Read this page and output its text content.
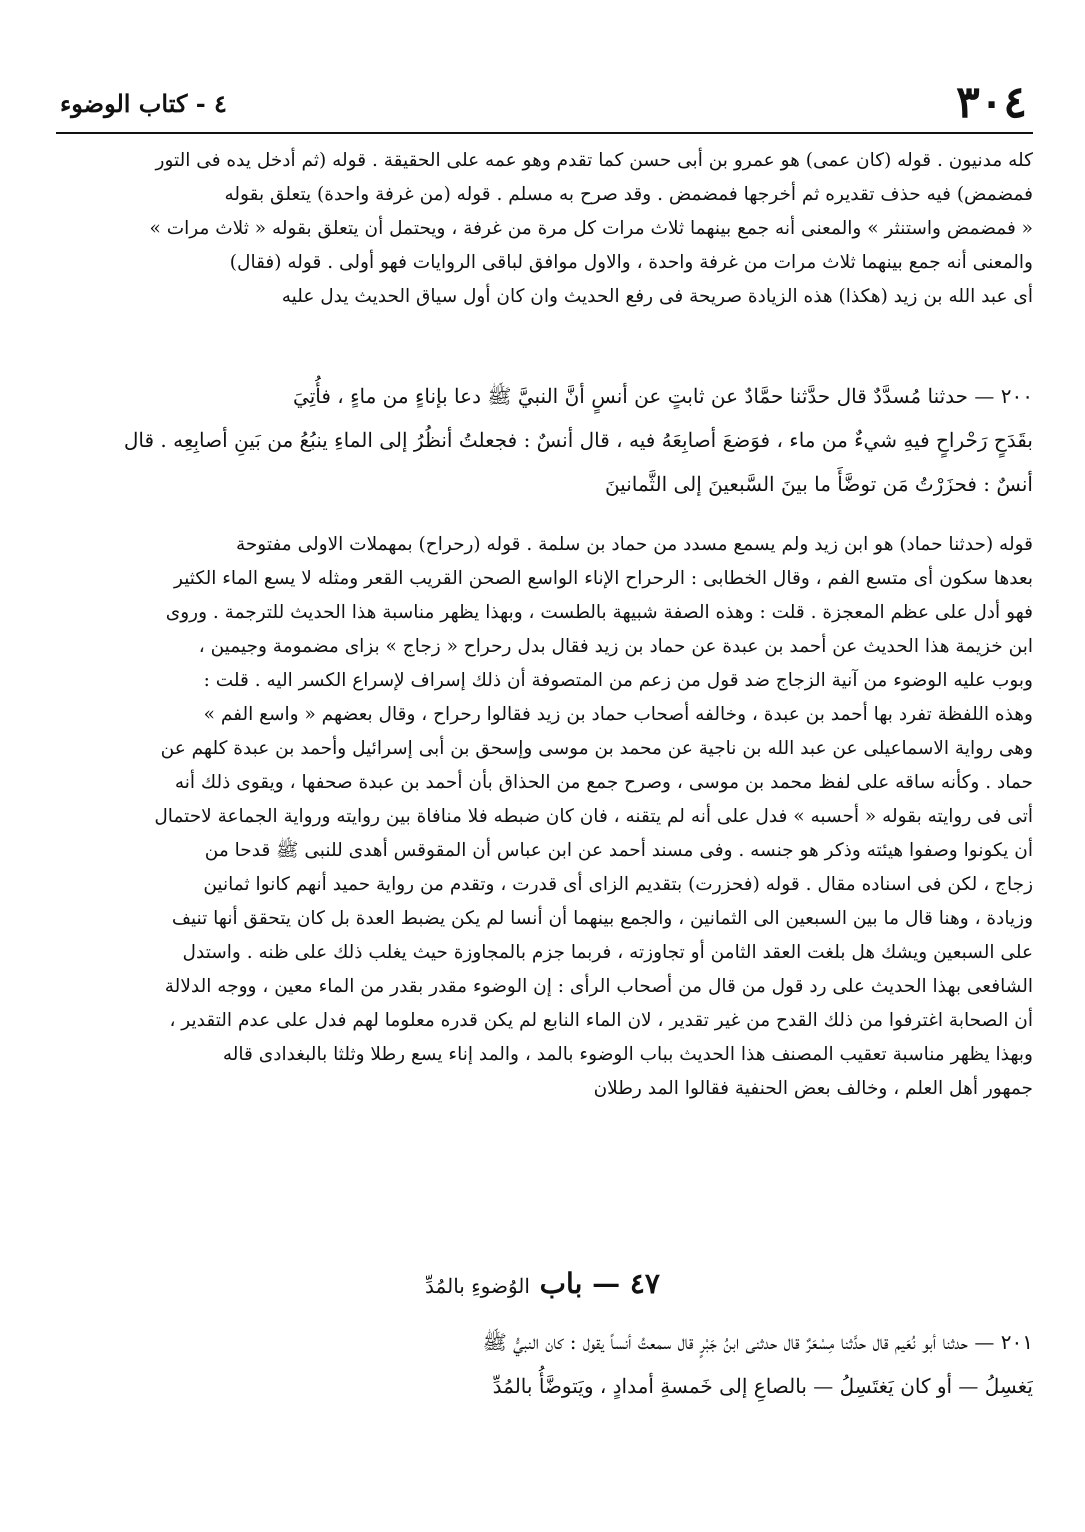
٣٠٤
٤ - كتاب الوضوء
كله مدنيون . قوله (كان عمى) هو عمرو بن أبى حسن كما تقدم وهو عمه على الحقيقة . قوله (ثم أدخل يده فى التور
فمضمض) فيه حذف تقديره ثم أخرجها فمضمض . وقد صرح به مسلم . قوله (من غرفة واحدة) يتعلق بقوله
« فمضمض واستنثر » والمعنى أنه جمع بينهما ثلاث مرات كل مرة من غرفة ، ويحتمل أن يتعلق بقوله « ثلاث مرات »
والمعنى أنه جمع بينهما ثلاث مرات من غرفة واحدة ، والاول موافق لباقى الروايات فهو أولى . قوله (فقال)
أى عبد الله بن زيد (هكذا) هذه الزيادة صريحة فى رفع الحديث وان كان أول سياق الحديث يدل عليه
٢٠٠ — حدثنا مُسدَّدٌ قال حدَّثنا حمَّادٌ عن ثابتٍ عن أنسٍ أنَّ النبيَّ ﷺ دعا بإناءٍ من ماءٍ ، فأُتِيَ
بقَدَحٍ رَحْراحٍ فيهِ شيءٌ من ماء ، فوَضعَ أصابِعَهُ فيه ، قال أنسٌ : فجعلتُ أنظُرُ إلى الماءِ ينبُعُ من بَينِ أصابِعِه . قال
أنسٌ : فحزَرْتُ مَن توضَّأَ ما بينَ السَّبعينَ إلى الثَّمانينَ
قوله (حدثنا حماد) هو ابن زيد ولم يسمع مسدد من حماد بن سلمة . قوله (رحراح) بمهملات الاولى مفتوحة
بعدها سكون أى متسع الفم ، وقال الخطابى : الرحراح الإناء الواسع الصحن القريب القعر ومثله لا يسع الماء الكثير
فهو أدل على عظم المعجزة . قلت : وهذه الصفة شبيهة بالطست ، وبهذا يظهر مناسبة هذا الحديث للترجمة . وروى
ابن خزيمة هذا الحديث عن أحمد بن عبدة عن حماد بن زيد فقال بدل رحراح « زجاج » بزاى مضمومة وجيمين ،
وبوب عليه الوضوء من آنية الزجاج ضد قول من زعم من المتصوفة أن ذلك إسراف لإسراع الكسر اليه . قلت :
وهذه اللفظة تفرد بها أحمد بن عبدة ، وخالفه أصحاب حماد بن زيد فقالوا رحراح ، وقال بعضهم « واسع الفم »
وهى رواية الاسماعيلى عن عبد الله بن ناجية عن محمد بن موسى وإسحق بن أبى إسرائيل وأحمد بن عبدة كلهم عن
حماد . وكأنه ساقه على لفظ محمد بن موسى ، وصرح جمع من الحذاق بأن أحمد بن عبدة صحفها ، ويقوى ذلك أنه
أتى فى روايته بقوله « أحسبه » فدل على أنه لم يتقنه ، فان كان ضبطه فلا منافاة بين روايته ورواية الجماعة لاحتمال
أن يكونوا وصفوا هيئته وذكر هو جنسه . وفى مسند أحمد عن ابن عباس أن المقوقس أهدى للنبى ﷺ قدحا من
زجاج ، لكن فى اسناده مقال . قوله (فحزرت) بتقديم الزاى أى قدرت ، وتقدم من رواية حميد أنهم كانوا ثمانين
وزيادة ، وهنا قال ما بين السبعين الى الثمانين ، والجمع بينهما أن أنسا لم يكن يضبط العدة بل كان يتحقق أنها تنيف
على السبعين ويشك هل بلغت العقد الثامن أو تجاوزته ، فربما جزم بالمجاوزة حيث يغلب ذلك على ظنه . واستدل
الشافعى بهذا الحديث على رد قول من قال من أصحاب الرأى : إن الوضوء مقدر بقدر من الماء معين ، ووجه الدلالة
أن الصحابة اغترفوا من ذلك القدح من غير تقدير ، لان الماء النابع لم يكن قدره معلوما لهم فدل على عدم التقدير ،
وبهذا يظهر مناسبة تعقيب المصنف هذا الحديث بباب الوضوء بالمد ، والمد إناء يسع رطلا وثلثا بالبغدادى قاله
جمهور أهل العلم ، وخالف بعض الحنفية فقالوا المد رطلان
٤٧ — باب الوُضوءِ بالمُدِّ
٢٠١ — حدثنا أبو نُعَيم قال حدَّثنا مِسْعَرٌ قال حدثنى ابنُ جَبْرٍ قال سمعتُ أنساً يقول : كان النبيُّ ﷺ
يَغسِلُ — أو كان يَغتَسِلُ — بالصاعِ إلى خَمسةِ أمدادٍ ، ويَتوضَّأُ بالمُدِّ
